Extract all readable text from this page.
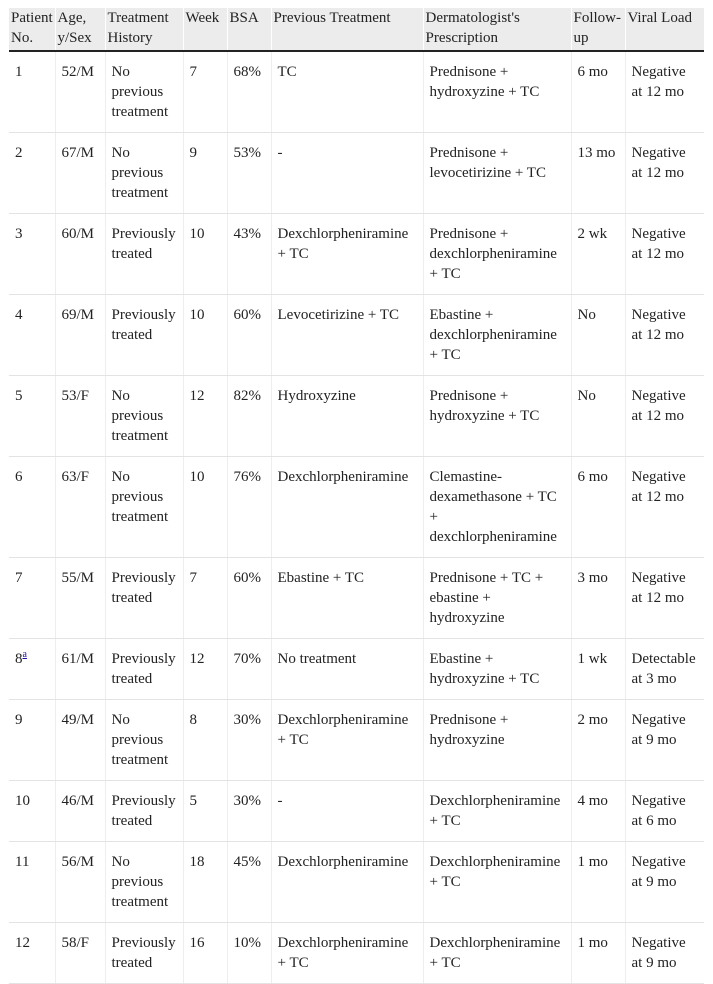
Patient No.	Age, y/Sex	Treatment History	Week	BSA	Previous Treatment	Dermatologist's Prescription	Follow-up	Viral Load
1	52/M	No previous treatment	7	68%	TC	Prednisone + hydroxyzine + TC	6 mo	Negative at 12 mo
2	67/M	No previous treatment	9	53%	-	Prednisone + levocetirizine + TC	13 mo	Negative at 12 mo
3	60/M	Previously treated	10	43%	Dexchlorpheniramine + TC	Prednisone + dexchlorpheniramine + TC	2 wk	Negative at 12 mo
4	69/M	Previously treated	10	60%	Levocetirizine + TC	Ebastine + dexchlorpheniramine + TC	No	Negative at 12 mo
5	53/F	No previous treatment	12	82%	Hydroxyzine	Prednisone + hydroxyzine + TC	No	Negative at 12 mo
6	63/F	No previous treatment	10	76%	Dexchlorpheniramine	Clemastine-dexamethasone + TC + dexchlorpheniramine	6 mo	Negative at 12 mo
7	55/M	Previously treated	7	60%	Ebastine + TC	Prednisone + TC + ebastine + hydroxyzine	3 mo	Negative at 12 mo
8$^a$	61/M	Previously treated	12	70%	No treatment	Ebastine + hydroxyzine + TC	1 wk	Detectable at 3 mo
9	49/M	No previous treatment	8	30%	Dexchlorpheniramine + TC	Prednisone + hydroxyzine	2 mo	Negative at 9 mo
10	46/M	Previously treated	5	30%	-	Dexchlorpheniramine + TC	4 mo	Negative at 6 mo
11	56/M	No previous treatment	18	45%	Dexchlorpheniramine	Dexchlorpheniramine + TC	1 mo	Negative at 9 mo
12	58/F	Previously treated	16	10%	Dexchlorpheniramine + TC	Dexchlorpheniramine + TC	1 mo	Negative at 9 mo
